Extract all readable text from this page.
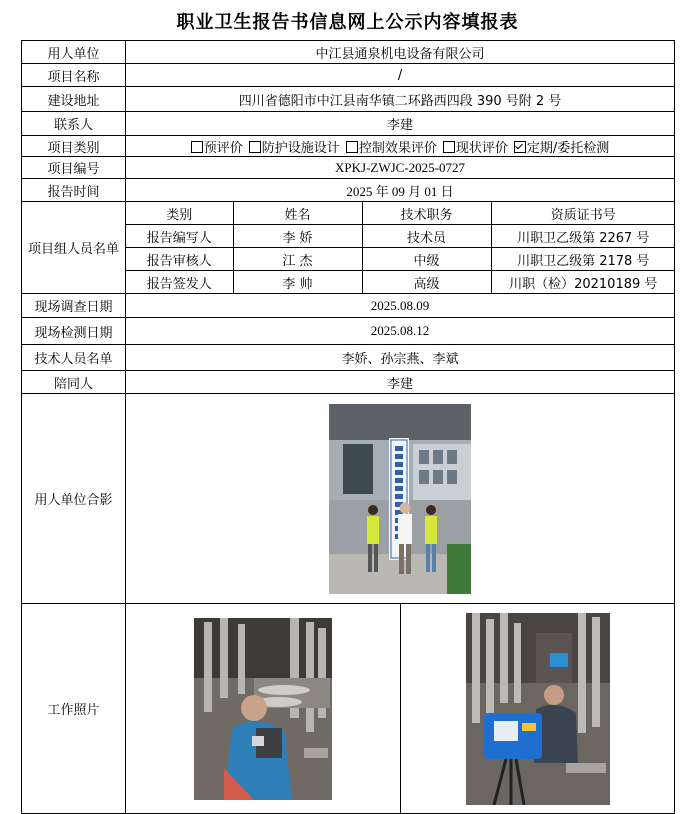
职业卫生报告书信息网上公示内容填报表
用人单位	中江县通泉机电设备有限公司
项目名称	/
建设地址	四川省德阳市中江县南华镇二环路西四段 390 号附 2 号
联系人	李建
项目类别	预评价 防护设施设计 控制效果评价 现状评价 定期/委托检测
项目编号	XPKJ-ZWJC-2025-0727
报告时间	2025 年 09 月 01 日
项目组人员名单	
类别	姓名	技术职务	资质证书号
报告编写人	李 娇	技术员	川职卫乙级第 2267 号
报告审核人	江 杰	中级	川职卫乙级第 2178 号
报告签发人	李 帅	高级	川职（检）20210189 号

现场调查日期	2025.08.09
现场检测日期	2025.08.12
技术人员名单	李娇、孙宗燕、李斌
陪同人	李建
用人单位合影	

工作照片	
